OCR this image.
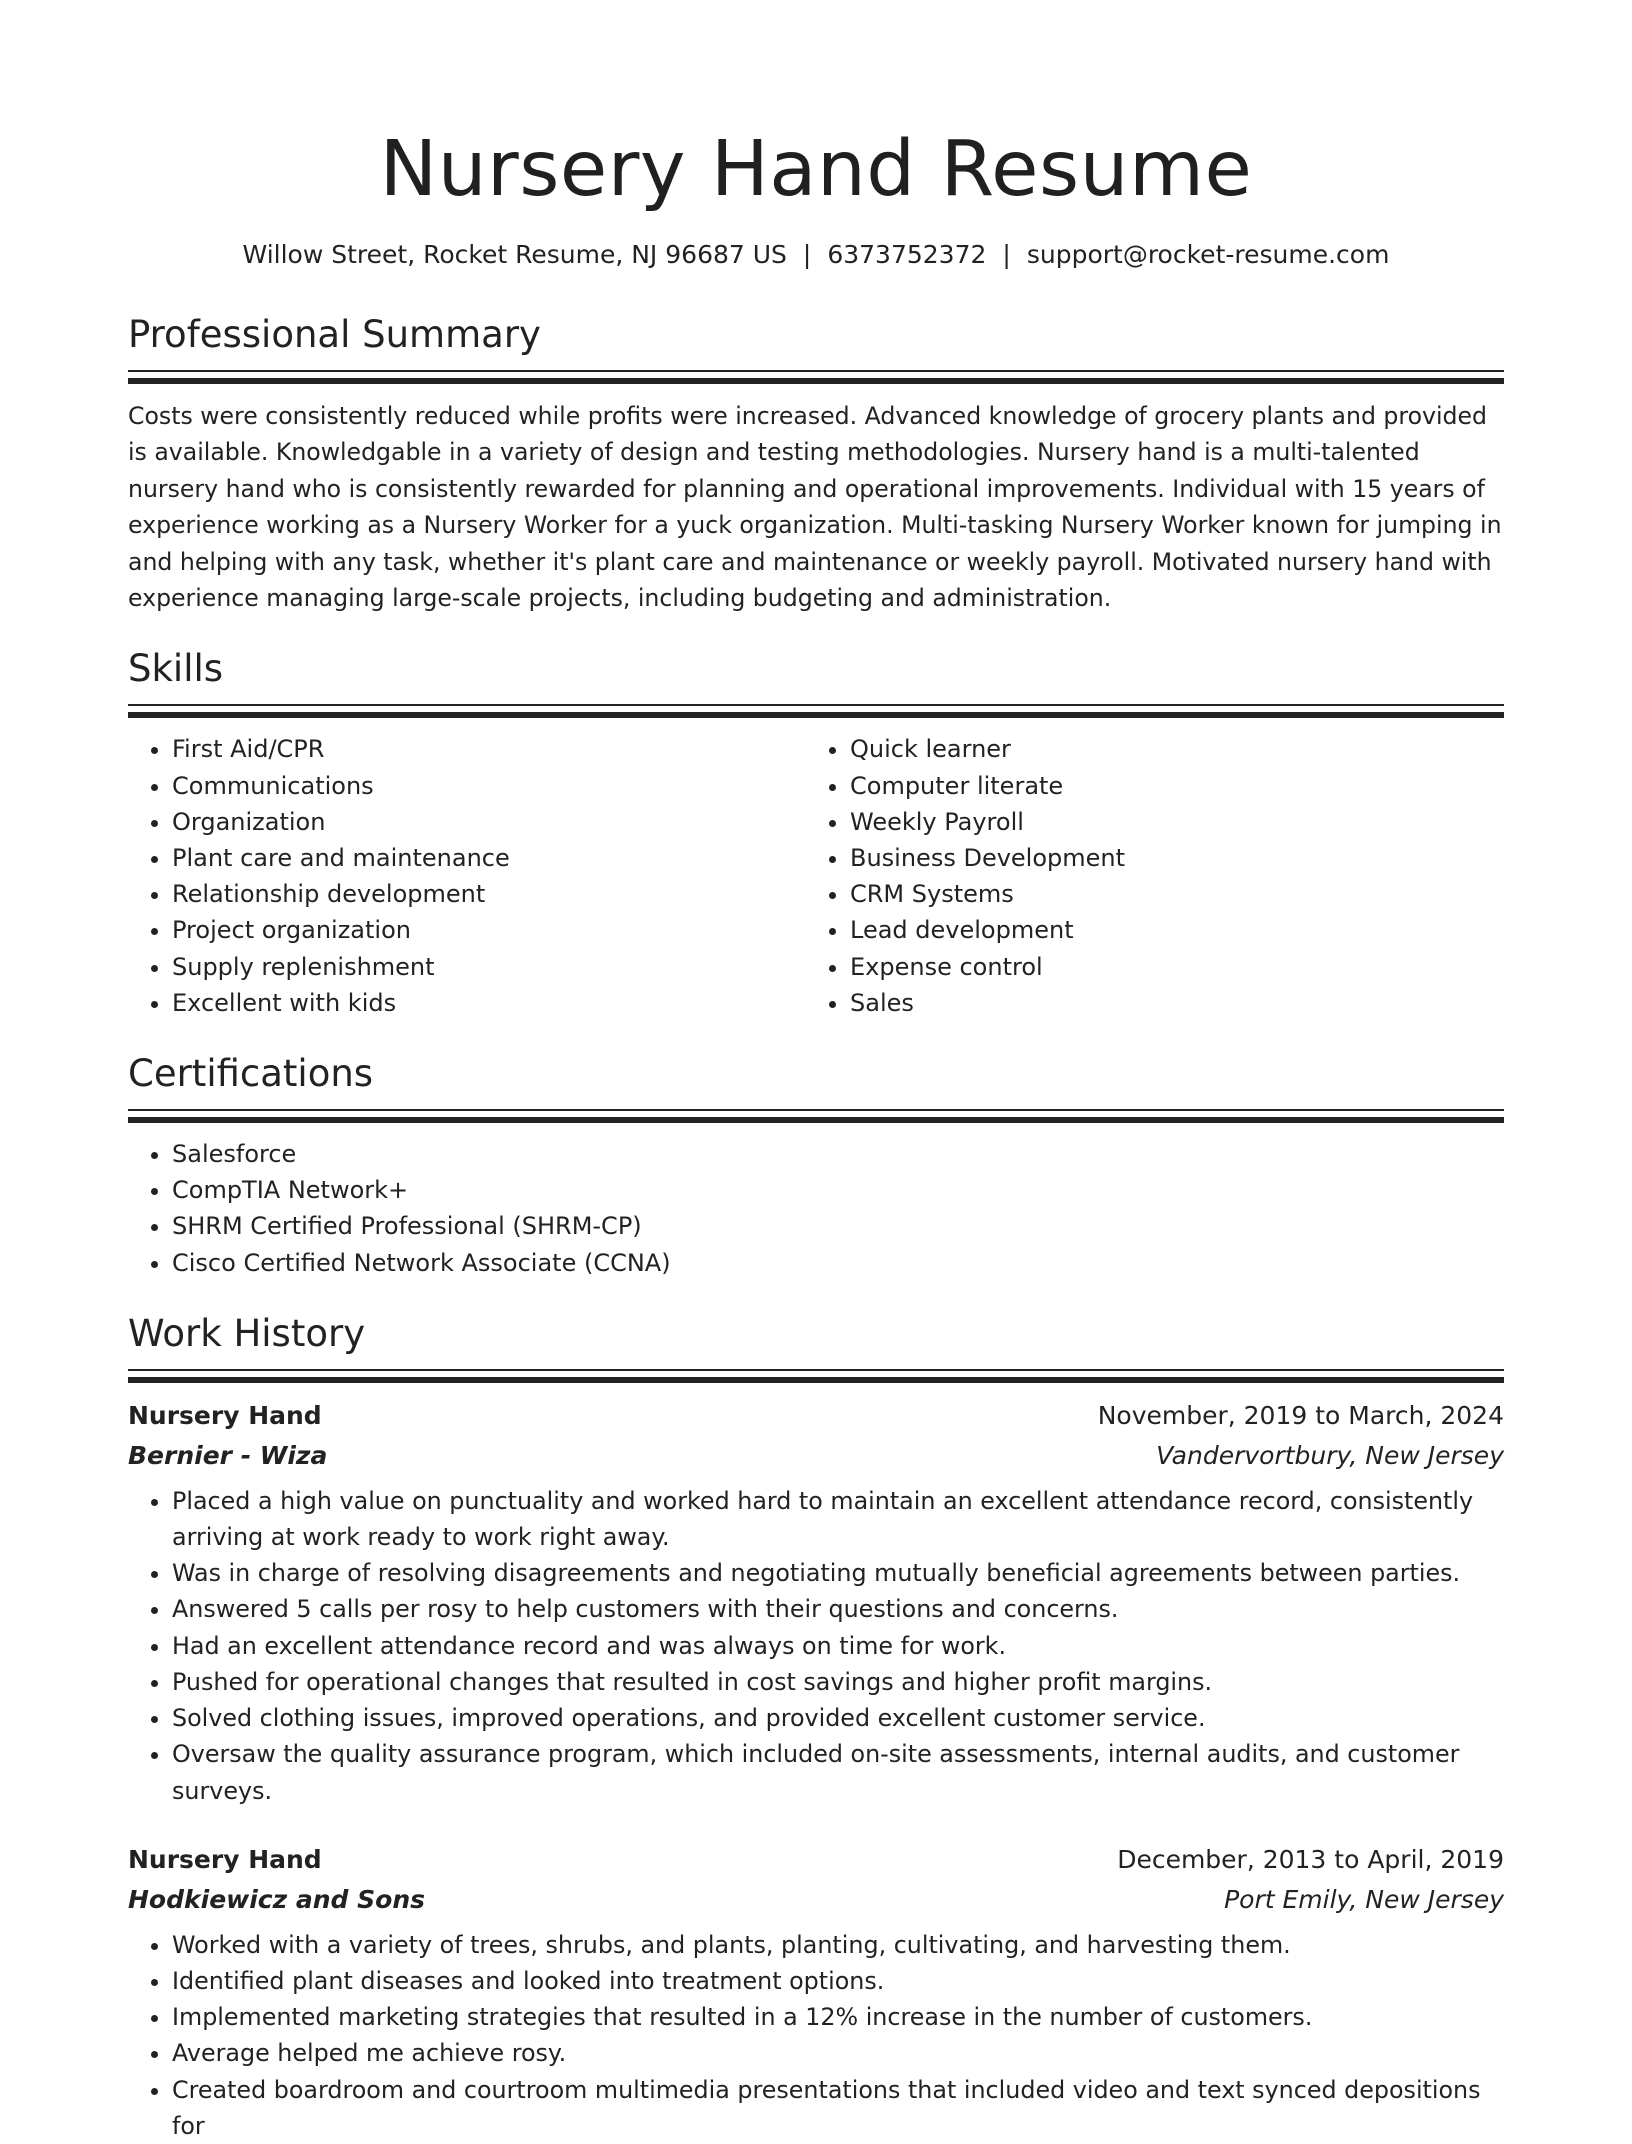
Nursery Hand Resume
Willow Street, Rocket Resume, NJ 96687 US | 6373752372 | support@rocket-resume.com
Professional Summary

Costs were consistently reduced while profits were increased. Advanced knowledge of grocery plants and provided is available. Knowledgable in a variety of design and testing methodologies. Nursery hand is a multi-talented nursery hand who is consistently rewarded for planning and operational improvements. Individual with 15 years of experience working as a Nursery Worker for a yuck organization. Multi-tasking Nursery Worker known for jumping in and helping with any task, whether it's plant care and maintenance or weekly payroll. Motivated nursery hand with experience managing large-scale projects, including budgeting and administration.

Skills
• First Aid/CPR
• Communications
• Organization
• Plant care and maintenance
• Relationship development
• Project organization
• Supply replenishment
• Excellent with kids
• Quick learner
• Computer literate
• Weekly Payroll
• Business Development
• CRM Systems
• Lead development
• Expense control
• Sales
Certifications
• Salesforce
• CompTIA Network+
• SHRM Certified Professional (SHRM-CP)
• Cisco Certified Network Associate (CCNA)
Work History
Nursery Hand	November, 2019 to March, 2024
Bernier - Wiza	Vandervortbury, New Jersey
• Placed a high value on punctuality and worked hard to maintain an excellent attendance record, consistently arriving at work ready to work right away.
• Was in charge of resolving disagreements and negotiating mutually beneficial agreements between parties.
• Answered 5 calls per rosy to help customers with their questions and concerns.
• Had an excellent attendance record and was always on time for work.
• Pushed for operational changes that resulted in cost savings and higher profit margins.
• Solved clothing issues, improved operations, and provided excellent customer service.
• Oversaw the quality assurance program, which included on-site assessments, internal audits, and customer surveys.
Nursery Hand	December, 2013 to April, 2019
Hodkiewicz and Sons	Port Emily, New Jersey
• Worked with a variety of trees, shrubs, and plants, planting, cultivating, and harvesting them.
• Identified plant diseases and looked into treatment options.
• Implemented marketing strategies that resulted in a 12% increase in the number of customers.
• Average helped me achieve rosy.
• Created boardroom and courtroom multimedia presentations that included video and text synced depositions for
